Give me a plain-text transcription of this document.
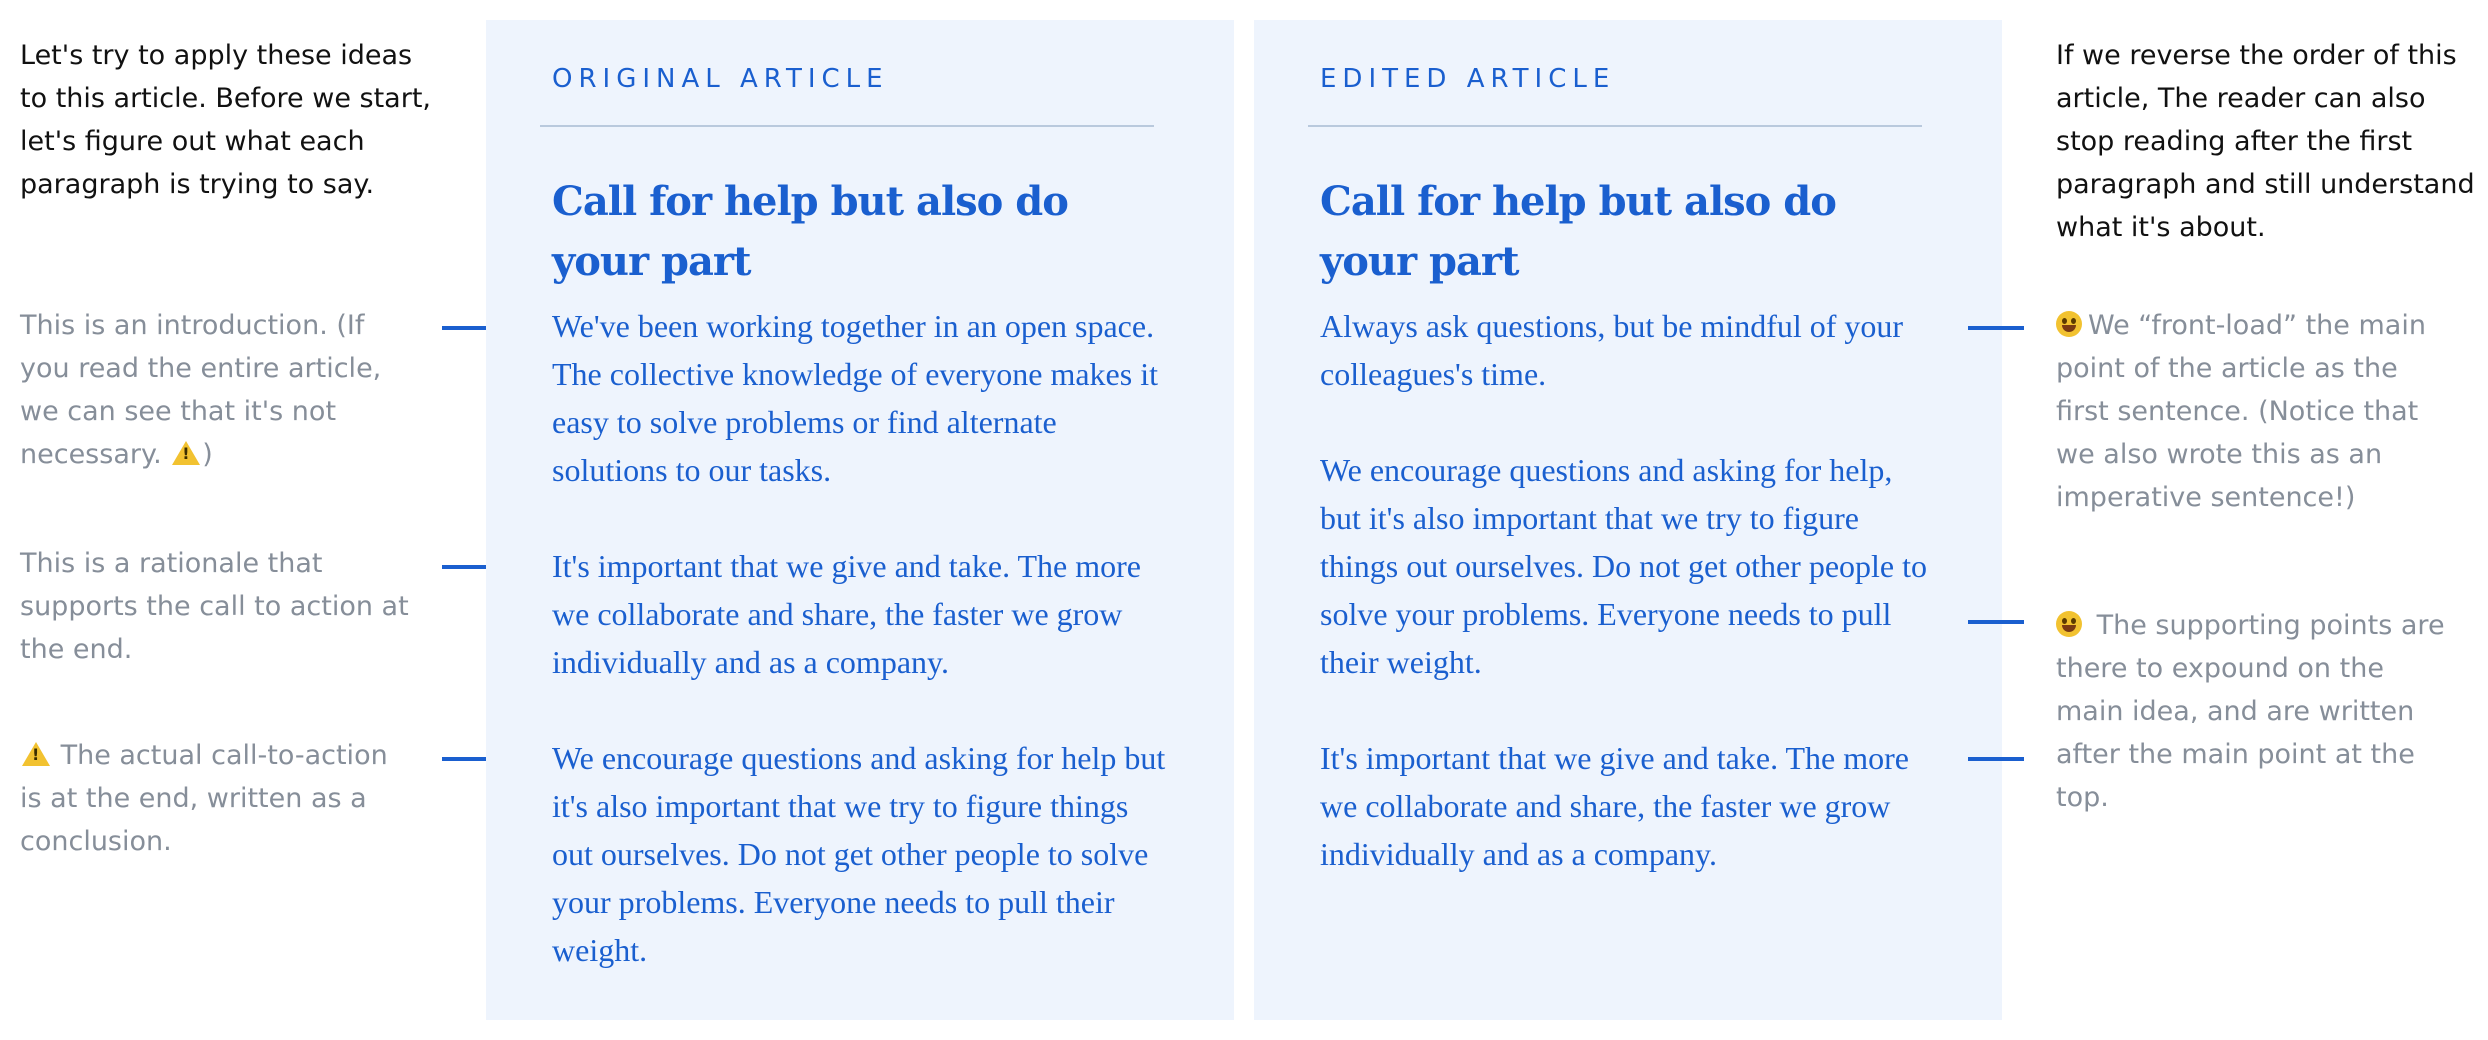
Let's try to apply these ideas to this article. Before we start, let's figure out what each paragraph is trying to say.
This is an introduction. (If you read the entire article, we can see that it's not necessary. !)
This is a rationale that supports the call to action at the end.
! The actual call-to-action is at the end, written as a conclusion.
ORIGINAL ARTICLE
Call for help but also do your part
We've been working together in an open space. The collective knowledge of everyone makes it easy to solve problems or find alternate solutions to our tasks.
It's important that we give and take. The more we collaborate and share, the faster we grow individually and as a company.
We encourage questions and asking for help but it's also important that we try to figure things out ourselves. Do not get other people to solve your problems. Everyone needs to pull their weight.
EDITED ARTICLE
Call for help but also do your part
Always ask questions, but be mindful of your colleagues's time.
We encourage questions and asking for help, but it's also important that we try to figure things out ourselves. Do not get other people to solve your problems. Everyone needs to pull their weight.
It's important that we give and take. The more we collaborate and share, the faster we grow individually and as a company.
If we reverse the order of this article, The reader can also stop reading after the first paragraph and still understand what it's about.
We “front-load” the main point of the article as the first sentence. (Notice that we also wrote this as an imperative sentence!)
The supporting points are there to expound on the main idea, and are written after the main point at the top.
